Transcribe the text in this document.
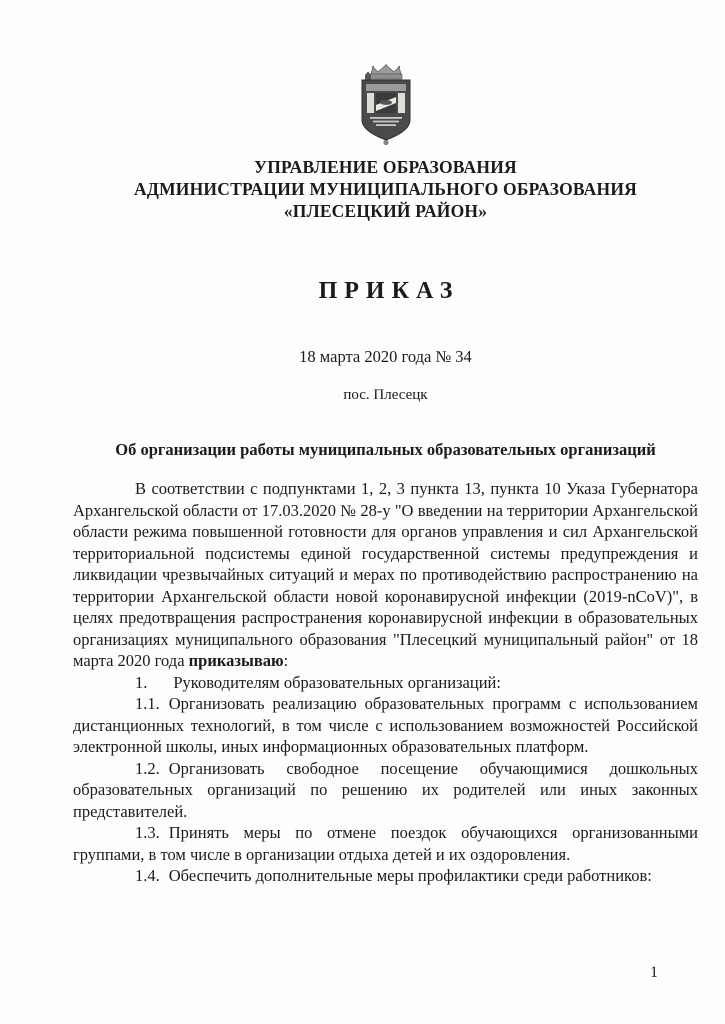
УПРАВЛЕНИЕ ОБРАЗОВАНИЯ
АДМИНИСТРАЦИИ МУНИЦИПАЛЬНОГО ОБРАЗОВАНИЯ
«ПЛЕСЕЦКИЙ РАЙОН»
ПРИКАЗ
18 марта 2020 года № 34
пос. Плесецк
Об организации работы муниципальных образовательных организаций

В соответствии с подпунктами 1, 2, 3 пункта 13, пункта 10 Указа Губернатора Архангельской области от 17.03.2020 № 28-у "О введении на территории Архангельской области режима повышенной готовности для органов управления и сил Архангельской территориальной подсистемы единой государственной системы предупреждения и ликвидации чрезвычайных ситуаций и мерах по противодействию распространению на территории Архангельской области новой коронавирусной инфекции (2019-nCoV)", в целях предотвращения распространения коронавирусной инфекции в образовательных организациях муниципального образования "Плесецкий муниципальный район" от 18 марта 2020 года приказываю:

1. Руководителям образовательных организаций:

1.1. Организовать реализацию образовательных программ с использованием дистанционных технологий, в том числе с использованием возможностей Российской электронной школы, иных информационных образовательных платформ.

1.2. Организовать свободное посещение обучающимися дошкольных образовательных организаций по решению их родителей или иных законных представителей.

1.3. Принять меры по отмене поездок обучающихся организованными группами, в том числе в организации отдыха детей и их оздоровления.

1.4. Обеспечить дополнительные меры профилактики среди работников:

1
